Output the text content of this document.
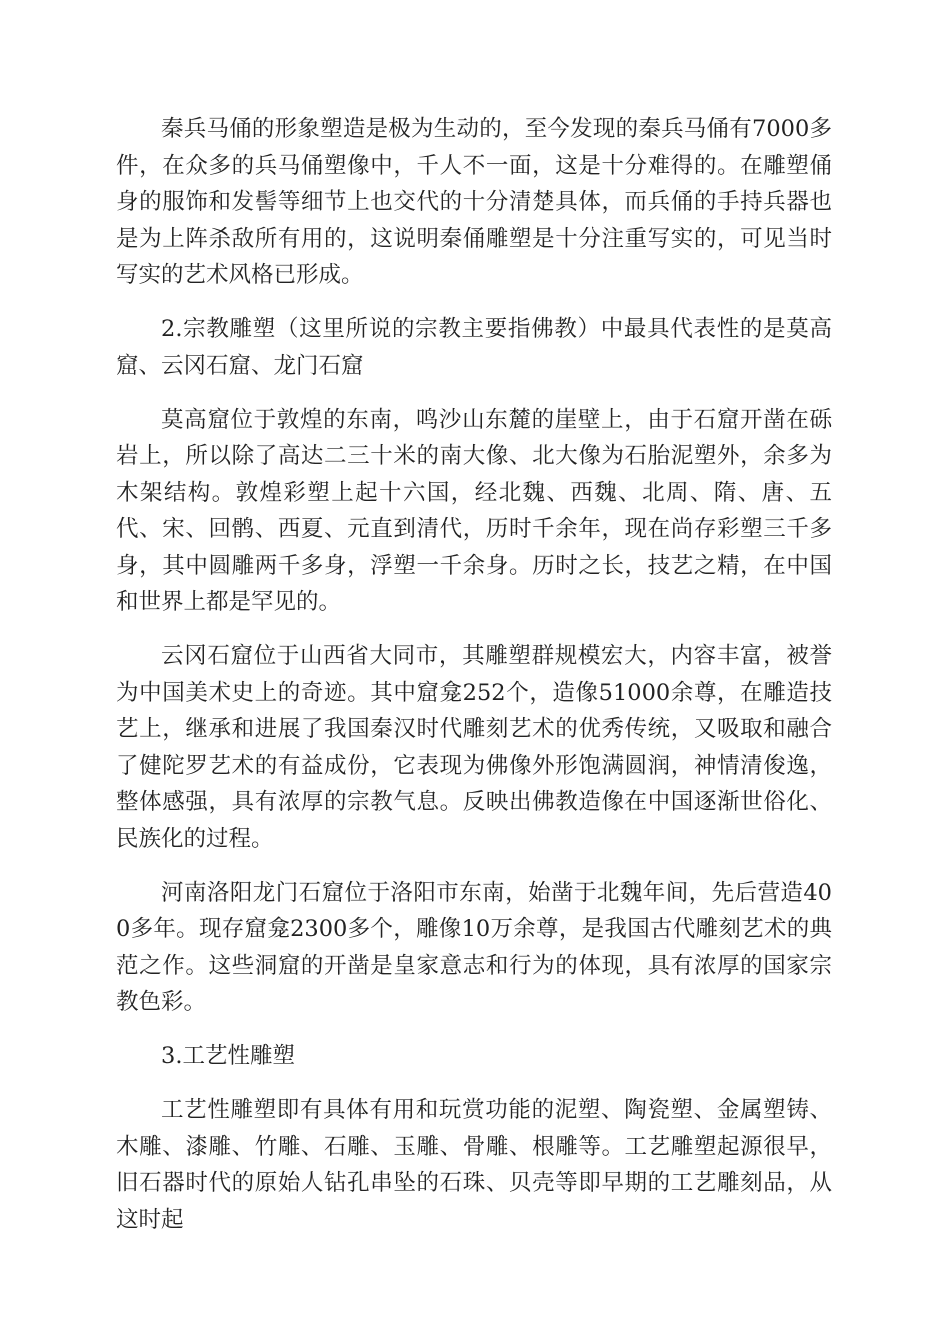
秦兵马俑的形象塑造是极为生动的，至今发现的秦兵马俑有7000多件，在众多的兵马俑塑像中，千人不一面，这是十分难得的。在雕塑俑身的服饰和发髻等细节上也交代的十分清楚具体，而兵俑的手持兵器也是为上阵杀敌所有用的，这说明秦俑雕塑是十分注重写实的，可见当时写实的艺术风格已形成。

2.宗教雕塑（这里所说的宗教主要指佛教）中最具代表性的是莫高窟、云冈石窟、龙门石窟

莫高窟位于敦煌的东南，鸣沙山东麓的崖壁上，由于石窟开凿在砾岩上，所以除了高达二三十米的南大像、北大像为石胎泥塑外，余多为木架结构。敦煌彩塑上起十六国，经北魏、西魏、北周、隋、唐、五代、宋、回鹘、西夏、元直到清代，历时千余年，现在尚存彩塑三千多身，其中圆雕两千多身，浮塑一千余身。历时之长，技艺之精，在中国和世界上都是罕见的。

云冈石窟位于山西省大同市，其雕塑群规模宏大，内容丰富，被誉为中国美术史上的奇迹。其中窟龛252个，造像51000余尊，在雕造技艺上，继承和进展了我国秦汉时代雕刻艺术的优秀传统，又吸取和融合了健陀罗艺术的有益成份，它表现为佛像外形饱满圆润，神情清俊逸，整体感强，具有浓厚的宗教气息。反映出佛教造像在中国逐渐世俗化、民族化的过程。

河南洛阳龙门石窟位于洛阳市东南，始凿于北魏年间，先后营造400多年。现存窟龛2300多个，雕像10万余尊，是我国古代雕刻艺术的典范之作。这些洞窟的开凿是皇家意志和行为的体现，具有浓厚的国家宗教色彩。

3.工艺性雕塑

工艺性雕塑即有具体有用和玩赏功能的泥塑、陶瓷塑、金属塑铸、木雕、漆雕、竹雕、石雕、玉雕、骨雕、根雕等。工艺雕塑起源很早，旧石器时代的原始人钻孔串坠的石珠、贝壳等即早期的工艺雕刻品，从这时起
